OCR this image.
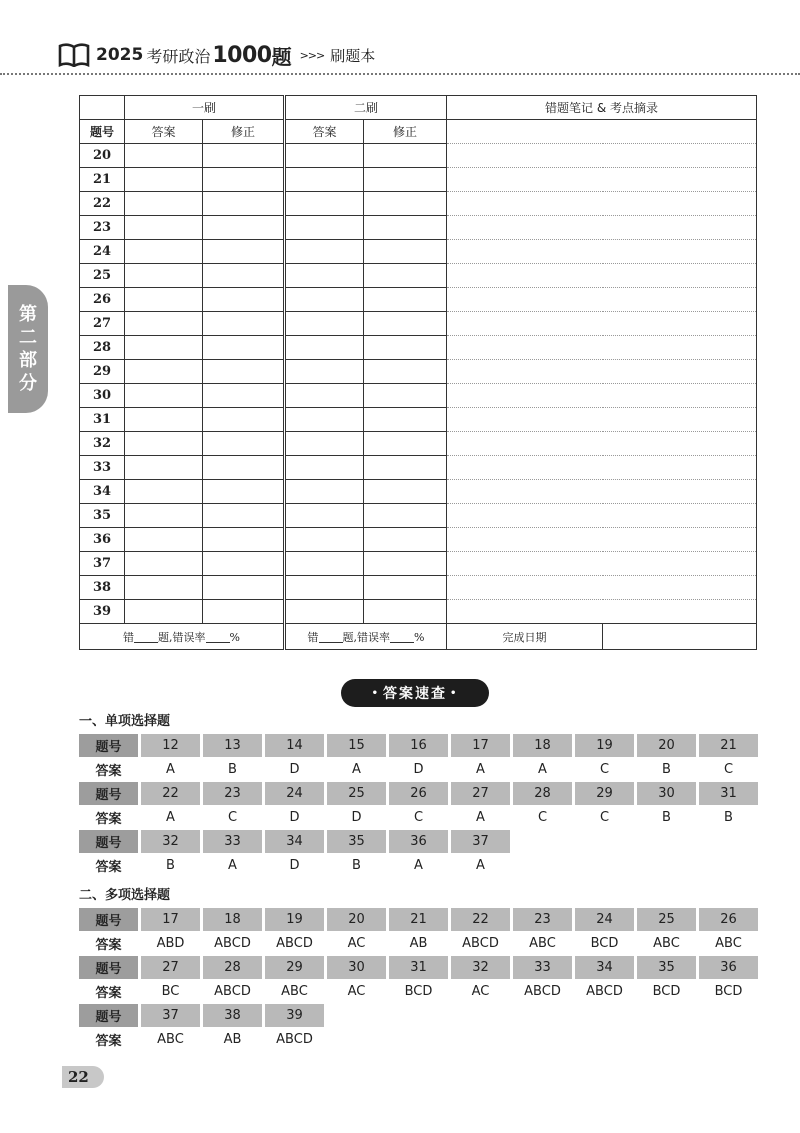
2025 考研政治 1000 题 >>> 刷题本
第
二
部
分
	一刷		二刷		错题笔记 & 考点摘录	
题号	答案	修正	答案	修正		
20						
21						
22						
23						
24						
25						
26						
27						
28						
29						
30						
31						
32						
33						
34						
35						
36						
37						
38						
39						
错 题,错误率 %			错 题,错误率 %		完成日期	
• 答案速查 •
一、单项选择题
题号	12	13	14	15	16	17	18	19	20	21
答案	A	B	D	A	D	A	A	C	B	C
题号	22	23	24	25	26	27	28	29	30	31
答案	A	C	D	D	C	A	C	C	B	B
题号	32	33	34	35	36	37				
答案	B	A	D	B	A	A				
二、多项选择题
题号	17	18	19	20	21	22	23	24	25	26
答案	ABD	ABCD	ABCD	AC	AB	ABCD	ABC	BCD	ABC	ABC
题号	27	28	29	30	31	32	33	34	35	36
答案	BC	ABCD	ABC	AC	BCD	AC	ABCD	ABCD	BCD	BCD
题号	37	38	39							
答案	ABC	AB	ABCD							
22
